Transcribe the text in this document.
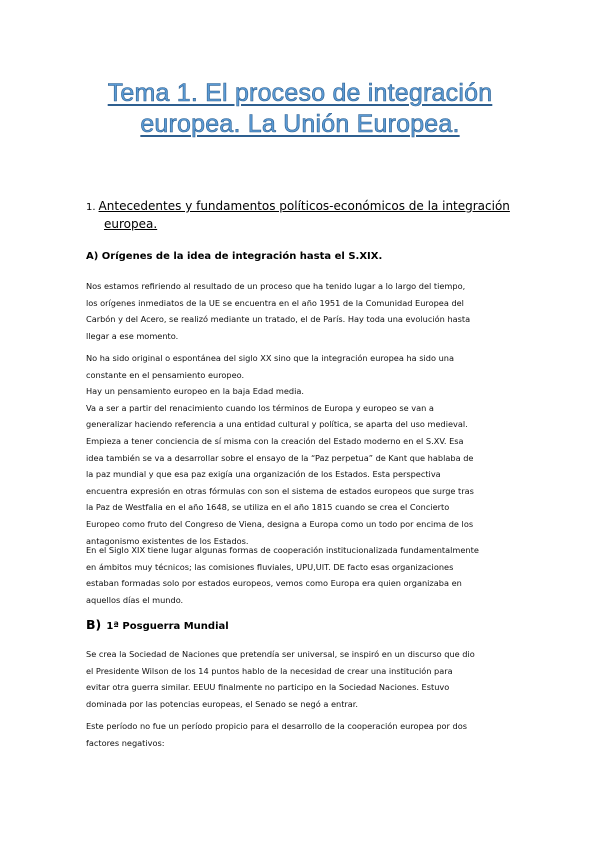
Tema 1. El proceso de integración
europea. La Unión Europea.
1. Antecedentes y fundamentos políticos-económicos de la integración
europea.
A) Orígenes de la idea de integración hasta el S.XIX.
Nos estamos refiriendo al resultado de un proceso que ha tenido lugar a lo largo del tiempo,
los orígenes inmediatos de la UE se encuentra en el año 1951 de la Comunidad Europea del
Carbón y del Acero, se realizó mediante un tratado, el de París. Hay toda una evolución hasta
llegar a ese momento.
No ha sido original o espontánea del siglo XX sino que la integración europea ha sido una
constante en el pensamiento europeo.
Hay un pensamiento europeo en la baja Edad media.
Va a ser a partir del renacimiento cuando los términos de Europa y europeo se van a
generalizar haciendo referencia a una entidad cultural y política, se aparta del uso medieval.
Empieza a tener conciencia de sí misma con la creación del Estado moderno en el S.XV. Esa
idea también se va a desarrollar sobre el ensayo de la “Paz perpetua” de Kant que hablaba de
la paz mundial y que esa paz exigía una organización de los Estados. Esta perspectiva
encuentra expresión en otras fórmulas con son el sistema de estados europeos que surge tras
la Paz de Westfalia en el año 1648, se utiliza en el año 1815 cuando se crea el Concierto
Europeo como fruto del Congreso de Viena, designa a Europa como un todo por encima de los
antagonismo existentes de los Estados.
En el Siglo XIX tiene lugar algunas formas de cooperación institucionalizada fundamentalmente
en ámbitos muy técnicos; las comisiones fluviales, UPU,UIT. DE facto esas organizaciones
estaban formadas solo por estados europeos, vemos como Europa era quien organizaba en
aquellos días el mundo.
B) 1ª Posguerra Mundial
Se crea la Sociedad de Naciones que pretendía ser universal, se inspiró en un discurso que dio
el Presidente Wilson de los 14 puntos hablo de la necesidad de crear una institución para
evitar otra guerra similar. EEUU finalmente no participo en la Sociedad Naciones. Estuvo
dominada por las potencias europeas, el Senado se negó a entrar.
Este período no fue un período propicio para el desarrollo de la cooperación europea por dos
factores negativos:
